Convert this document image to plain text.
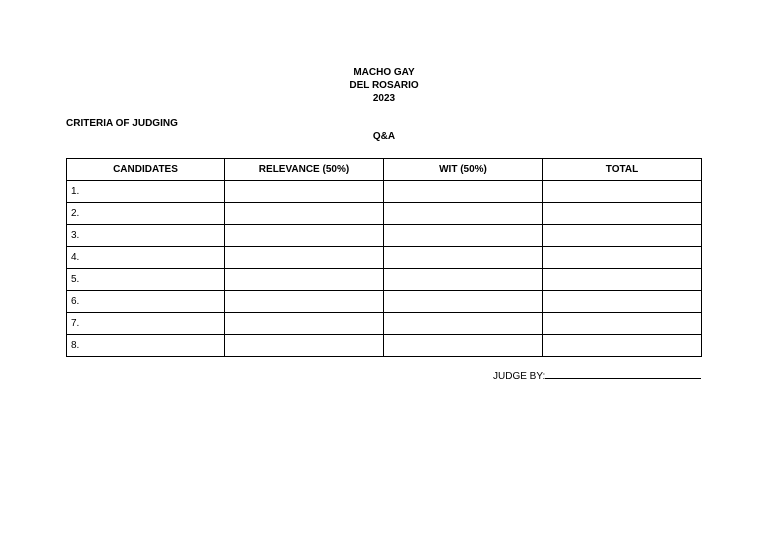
MACHO GAY
DEL ROSARIO
2023
CRITERIA OF JUDGING
Q&A
CANDIDATES	RELEVANCE (50%)	WIT (50%)	TOTAL
1.			
2.			
3.			
4.			
5.			
6.			
7.			
8.			
JUDGE BY:
